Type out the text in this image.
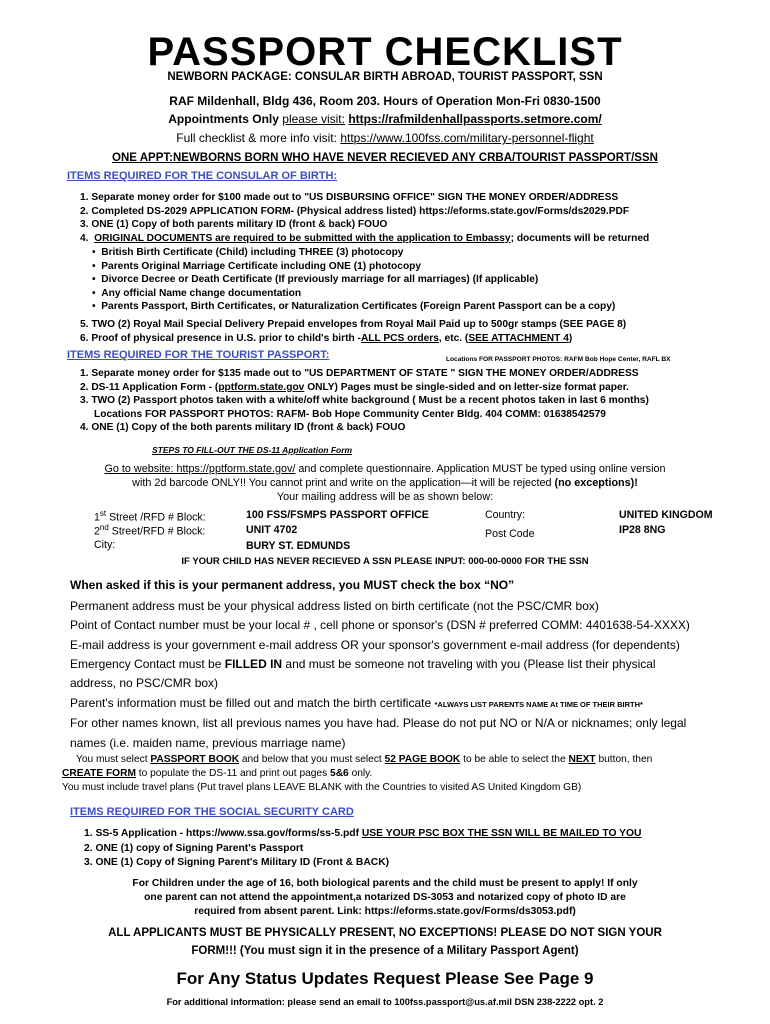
PASSPORT CHECKLIST
NEWBORN PACKAGE: CONSULAR BIRTH ABROAD, TOURIST PASSPORT, SSN
RAF Mildenhall, Bldg 436, Room 203. Hours of Operation Mon-Fri 0830-1500
Appointments Only please visit: https://rafmildenhallpassports.setmore.com/
Full checklist & more info visit: https://www.100fss.com/military-personnel-flight
ONE APPT:NEWBORNS BORN WHO HAVE NEVER RECIEVED ANY CRBA/TOURIST PASSPORT/SSN
ITEMS REQUIRED FOR THE CONSULAR OF BIRTH:
1. Separate money order for $100 made out to "US DISBURSING OFFICE" SIGN THE MONEY ORDER/ADDRESS
2. Completed DS-2029 APPLICATION FORM- (Physical address listed) https://eforms.state.gov/Forms/ds2029.PDF
3. ONE (1) Copy of both parents military ID (front & back) FOUO
4. ORIGINAL DOCUMENTS are required to be submitted with the application to Embassy; documents will be returned
•  British Birth Certificate (Child) including THREE (3) photocopy
•  Parents Original Marriage Certificate including ONE (1) photocopy
•  Divorce Decree or Death Certificate (If previously marriage for all marriages) (If applicable)
•  Any official Name change documentation
•  Parents Passport, Birth Certificates, or Naturalization Certificates (Foreign Parent Passport can be a copy)
5. TWO (2) Royal Mail Special Delivery Prepaid envelopes from Royal Mail Paid up to 500gr stamps (SEE PAGE 8)
6. Proof of physical presence in U.S. prior to child's birth -ALL PCS orders, etc. (SEE ATTACHMENT 4)
ITEMS REQUIRED FOR THE TOURIST PASSPORT:	Locations FOR PASSPORT PHOTOS: RAFM Bob Hope Center, RAFL BX
1. Separate money order for $135 made out to "US DEPARTMENT OF STATE " SIGN THE MONEY ORDER/ADDRESS
2. DS-11 Application Form - (pptform.state.gov ONLY) Pages must be single-sided and on letter-size format paper.
3. TWO (2) Passport photos taken with a white/off white background ( Must be a recent photos taken in last 6 months)
Locations FOR PASSPORT PHOTOS: RAFM- Bob Hope Community Center Bldg. 404 COMM: 01638542579
4. ONE (1) Copy of the both parents military ID (front & back) FOUO
STEPS TO FILL-OUT THE DS-11 Application Form
Go to website: https://pptform.state.gov/ and complete questionnaire. Application MUST be typed using online version
with 2d barcode ONLY!! You cannot print and write on the application—it will be rejected (no exceptions)!
Your mailing address will be as shown below:
1st Street /RFD # Block:
2nd Street/RFD # Block:
City:
100 FSS/FSMPS PASSPORT OFFICE
UNIT 4702
BURY ST. EDMUNDS
Country:
Post Code
UNITED KINGDOM
IP28 8NG
IF YOUR CHILD HAS NEVER RECIEVED A SSN PLEASE INPUT: 000-00-0000 FOR THE SSN
When asked if this is your permanent address, you MUST check the box “NO”
Permanent address must be your physical address listed on birth certificate (not the PSC/CMR box)
Point of Contact number must be your local # , cell phone or sponsor's (DSN # preferred COMM: 4401638-54-XXXX)
E-mail address is your government e-mail address OR your sponsor's government e-mail address (for dependents)
Emergency Contact must be FILLED IN and must be someone not traveling with you (Please list their physical
address, no PSC/CMR box)
Parent's information must be filled out and match the birth certificate *ALWAYS LIST PARENTS NAME At TIME OF THEIR BIRTH*
For other names known, list all previous names you have had. Please do not put NO or N/A or nicknames; only legal
names (i.e. maiden name, previous marriage name)
You must select PASSPORT BOOK and below that you must select 52 PAGE BOOK to be able to select the NEXT button, then
CREATE FORM to populate the DS-11 and print out pages 5&6 only.
You must include travel plans (Put travel plans LEAVE BLANK with the Countries to visited AS United Kingdom GB)
ITEMS REQUIRED FOR THE SOCIAL SECURITY CARD
1. SS-5 Application - https://www.ssa.gov/forms/ss-5.pdf USE YOUR PSC BOX THE SSN WILL BE MAILED TO YOU
2. ONE (1) copy of Signing Parent's Passport
3. ONE (1) Copy of Signing Parent's Military ID (Front & BACK)
For Children under the age of 16, both biological parents and the child must be present to apply! If only
one parent can not attend the appointment,a notarized DS-3053 and notarized copy of photo ID are
required from absent parent. Link: https://eforms.state.gov/Forms/ds3053.pdf)
ALL APPLICANTS MUST BE PHYSICALLY PRESENT, NO EXCEPTIONS! PLEASE DO NOT SIGN YOUR
FORM!!! (You must sign it in the presence of a Military Passport Agent)
For Any Status Updates Request Please See Page 9
For additional information: please send an email to 100fss.passport@us.af.mil DSN 238-2222 opt. 2
